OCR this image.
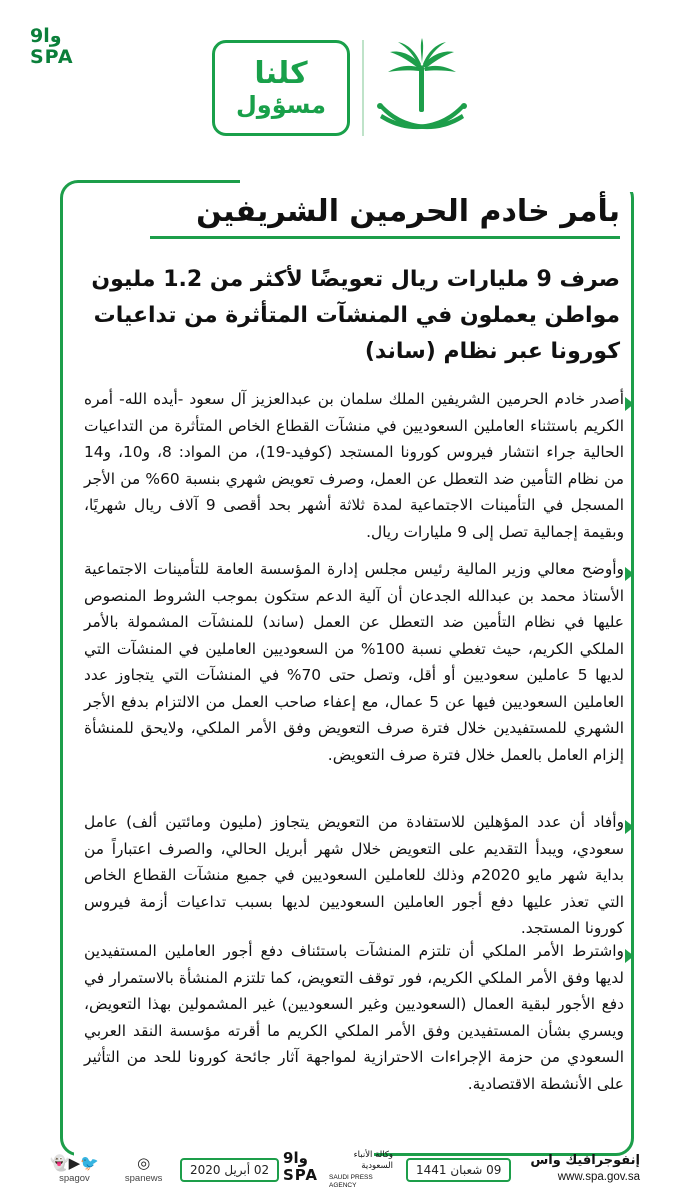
وا9
SPA	كلنا
مسؤول
بأمر خادم الحرمين الشريفين
صرف 9 مليارات ريال تعويضًا لأكثر من 1.2 مليون مواطن يعملون في المنشآت المتأثرة من تداعيات كورونا عبر نظام (ساند)
أصدر خادم الحرمين الشريفين الملك سلمان بن عبدالعزيز آل سعود -أيده الله- أمره الكريم باستثناء العاملين السعوديين في منشآت القطاع الخاص المتأثرة من التداعيات الحالية جراء انتشار فيروس كورونا المستجد (كوفيد-19)، من المواد: 8، و10، و14 من نظام التأمين ضد التعطل عن العمل، وصرف تعويض شهري بنسبة 60% من الأجر المسجل في التأمينات الاجتماعية لمدة ثلاثة أشهر بحد أقصى 9 آلاف ريال شهريًا، وبقيمة إجمالية تصل إلى 9 مليارات ريال.
وأوضح معالي وزير المالية رئيس مجلس إدارة المؤسسة العامة للتأمينات الاجتماعية الأستاذ محمد بن عبدالله الجدعان أن آلية الدعم ستكون بموجب الشروط المنصوص عليها في نظام التأمين ضد التعطل عن العمل (ساند) للمنشآت المشمولة بالأمر الملكي الكريم، حيث تغطي نسبة 100% من السعوديين العاملين في المنشآت التي لديها 5 عاملين سعوديين أو أقل، وتصل حتى 70% في المنشآت التي يتجاوز عدد العاملين السعوديين فيها عن 5 عمال، مع إعفاء صاحب العمل من الالتزام بدفع الأجر الشهري للمستفيدين خلال فترة صرف التعويض وفق الأمر الملكي، ولايحق للمنشأة إلزام العامل بالعمل خلال فترة صرف التعويض.
وأفاد أن عدد المؤهلين للاستفادة من التعويض يتجاوز (مليون ومائتين ألف) عامل سعودي، ويبدأ التقديم على التعويض خلال شهر أبريل الحالي، والصرف اعتباراً من بداية شهر مايو 2020م وذلك للعاملين السعوديين في جميع منشآت القطاع الخاص التي تعذر عليها دفع أجور العاملين السعوديين لديها بسبب تداعيات أزمة فيروس كورونا المستجد.
واشترط الأمر الملكي أن تلتزم المنشآت باستئناف دفع أجور العاملين المستفيدين لديها وفق الأمر الملكي الكريم، فور توقف التعويض، كما تلتزم المنشأة بالاستمرار في دفع الأجور لبقية العمال (السعوديين وغير السعوديين) غير المشمولين بهذا التعويض، ويسري بشأن المستفيدين وفق الأمر الملكي الكريم ما أقرته مؤسسة النقد العربي السعودي من حزمة الإجراءات الاحترازية لمواجهة آثار جائحة كورونا للحد من التأثير على الأنشطة الاقتصادية.
👻▶🐦
spagov
◎
spanews
02 أبريل 2020
وا9 SPA
وكالة الأنباء السعودية
SAUDI PRESS AGENCY
09 شعبان 1441
إنفوجرافيك واس
www.spa.gov.sa
